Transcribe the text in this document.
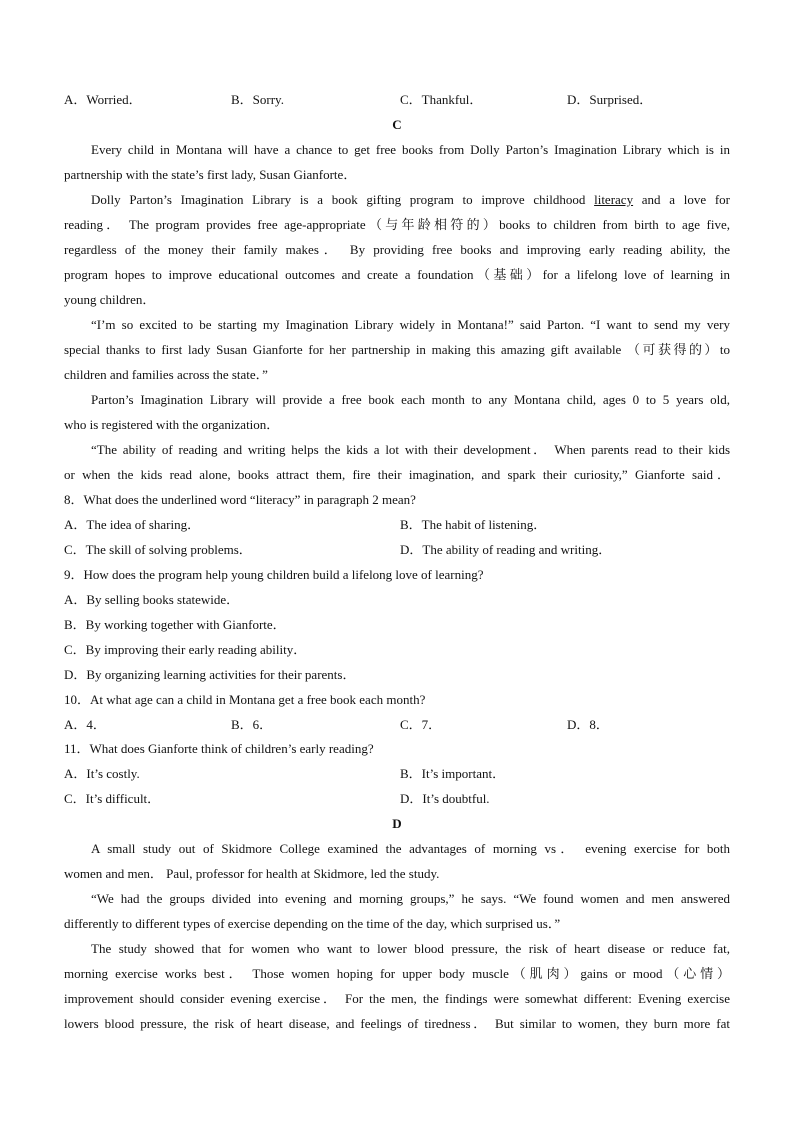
A．Worried．	B．Sorry.	C．Thankful．	D．Surprised．
C
Every child in Montana will have a chance to get free books from Dolly Parton’s Imagination Library which is in
partnership with the state’s first lady, Susan Gianforte．
Dolly Parton’s Imagination Library is a book gifting program to improve childhood literacy and a love for
reading． The program provides free age-appropriate（与年龄相符的）books to children from birth to age five,
regardless of the money their family makes． By providing free books and improving early reading ability, the
program hopes to improve educational outcomes and create a foundation（基础）for a lifelong love of learning in
young children．
“I’m so excited to be starting my Imagination Library widely in Montana!” said Parton. “I want to send my very
special thanks to first lady Susan Gianforte for her partnership in making this amazing gift available （可获得的）to
children and families across the state．”
Parton’s Imagination Library will provide a free book each month to any Montana child, ages 0 to 5 years old,
who is registered with the organization．
“The ability of reading and writing helps the kids a lot with their development． When parents read to their kids
or when the kids read alone, books attract them, fire their imagination, and spark their curiosity,” Gianforte said．
8．What does the underlined word “literacy” in paragraph 2 mean?
A．The idea of sharing．	B．The habit of listening．
C．The skill of solving problems．	D．The ability of reading and writing．
9．How does the program help young children build a lifelong love of learning?
A．By selling books statewide．
B．By working together with Gianforte．
C．By improving their early reading ability．
D．By organizing learning activities for their parents．
10．At what age can a child in Montana get a free book each month?
A．4．	B．6．	C．7．	D．8．
11．What does Gianforte think of children’s early reading?
A．It’s costly.	B．It’s important．
C．It’s difficult．	D．It’s doubtful.
D
A small study out of Skidmore College examined the advantages of morning vs． evening exercise for both
women and men． Paul, professor for health at Skidmore, led the study.
“We had the groups divided into evening and morning groups,” he says. “We found women and men answered
differently to different types of exercise depending on the time of the day, which surprised us．”
The study showed that for women who want to lower blood pressure, the risk of heart disease or reduce fat,
morning exercise works best． Those women hoping for upper body muscle（肌肉）gains or mood（心情）
improvement should consider evening exercise． For the men, the findings were somewhat different: Evening exercise
lowers blood pressure, the risk of heart disease, and feelings of tiredness． But similar to women, they burn more fat
